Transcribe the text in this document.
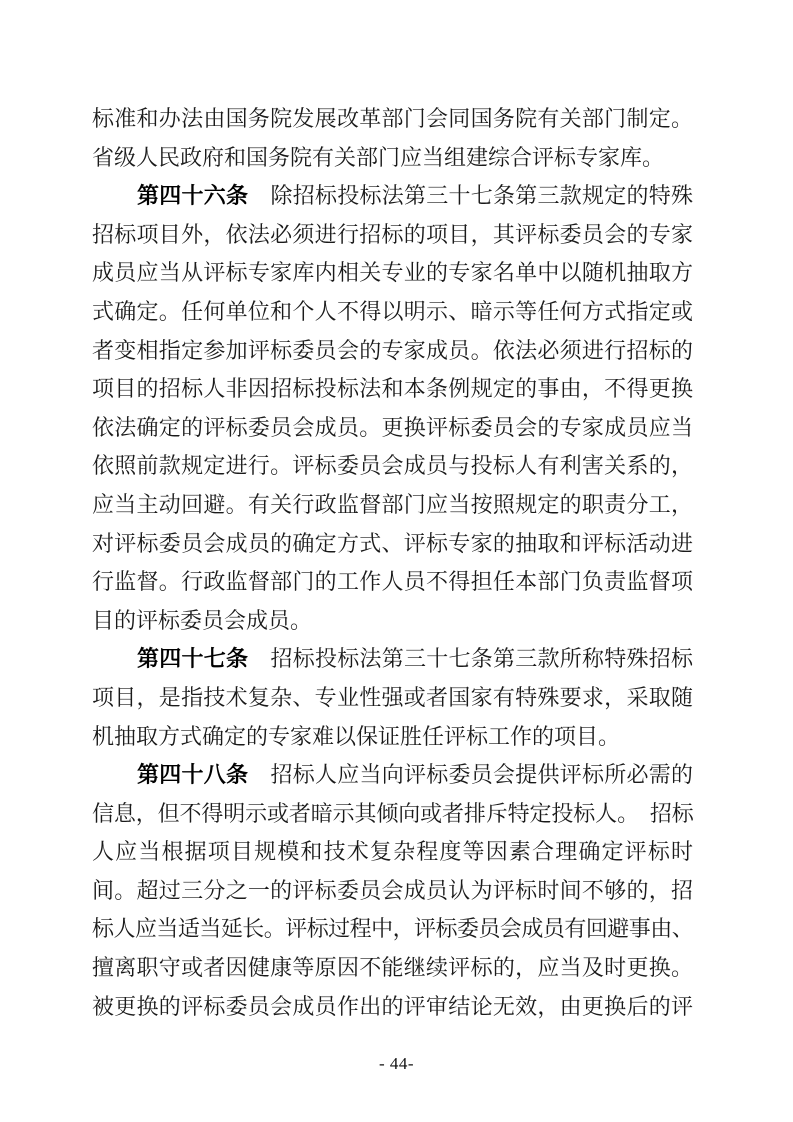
标准和办法由国务院发展改革部门会同国务院有关部门制定。
省级人民政府和国务院有关部门应当组建综合评标专家库。
第四十六条　除招标投标法第三十七条第三款规定的特殊
招标项目外，依法必须进行招标的项目，其评标委员会的专家
成员应当从评标专家库内相关专业的专家名单中以随机抽取方
式确定。任何单位和个人不得以明示、暗示等任何方式指定或
者变相指定参加评标委员会的专家成员。依法必须进行招标的
项目的招标人非因招标投标法和本条例规定的事由，不得更换
依法确定的评标委员会成员。更换评标委员会的专家成员应当
依照前款规定进行。评标委员会成员与投标人有利害关系的，
应当主动回避。有关行政监督部门应当按照规定的职责分工，
对评标委员会成员的确定方式、评标专家的抽取和评标活动进
行监督。行政监督部门的工作人员不得担任本部门负责监督项
目的评标委员会成员。
第四十七条　招标投标法第三十七条第三款所称特殊招标
项目，是指技术复杂、专业性强或者国家有特殊要求，采取随
机抽取方式确定的专家难以保证胜任评标工作的项目。
第四十八条　招标人应当向评标委员会提供评标所必需的
信息，但不得明示或者暗示其倾向或者排斥特定投标人。　招标
人应当根据项目规模和技术复杂程度等因素合理确定评标时
间。超过三分之一的评标委员会成员认为评标时间不够的，招
标人应当适当延长。评标过程中，评标委员会成员有回避事由、
擅离职守或者因健康等原因不能继续评标的，应当及时更换。
被更换的评标委员会成员作出的评审结论无效，由更换后的评
- 44-
